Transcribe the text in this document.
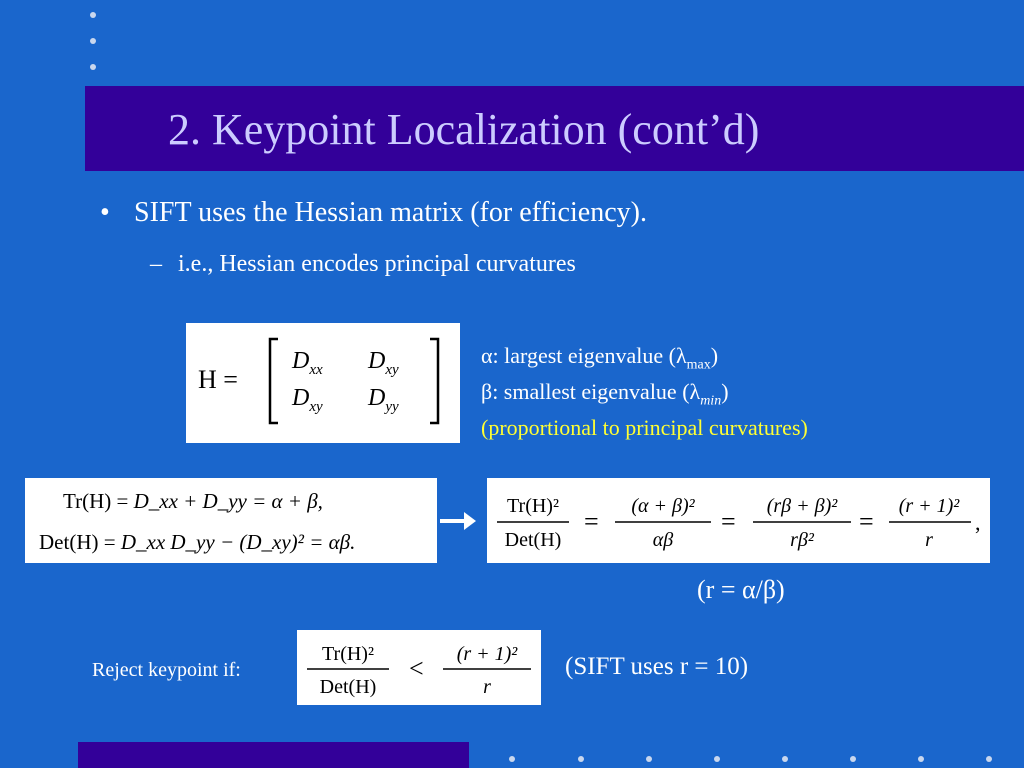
2. Keypoint Localization (cont’d)
• SIFT uses the Hessian matrix (for efficiency).
– i.e., Hessian encodes principal curvatures
H =
$D_{xx}$ $D_{xy}$
$D_{xy}$ $D_{yy}$
α: largest eigenvalue $(\lambda_{max})$
β: smallest eigenvalue $(\lambda_{min})$
(proportional to principal curvatures)
Tr(H) = D_xx + D_yy = α + β,
Det(H) = D_xx D_yy − (D_xy)² = αβ.
Tr(H)²
Det(H)
=
(α + β)²
αβ
=
(rβ + β)²
rβ²
=
(r + 1)²
r
,
(r = α/β)
Reject keypoint if:
Tr(H)²
Det(H)
< (r + 1)²
r
(SIFT uses r = 10)
